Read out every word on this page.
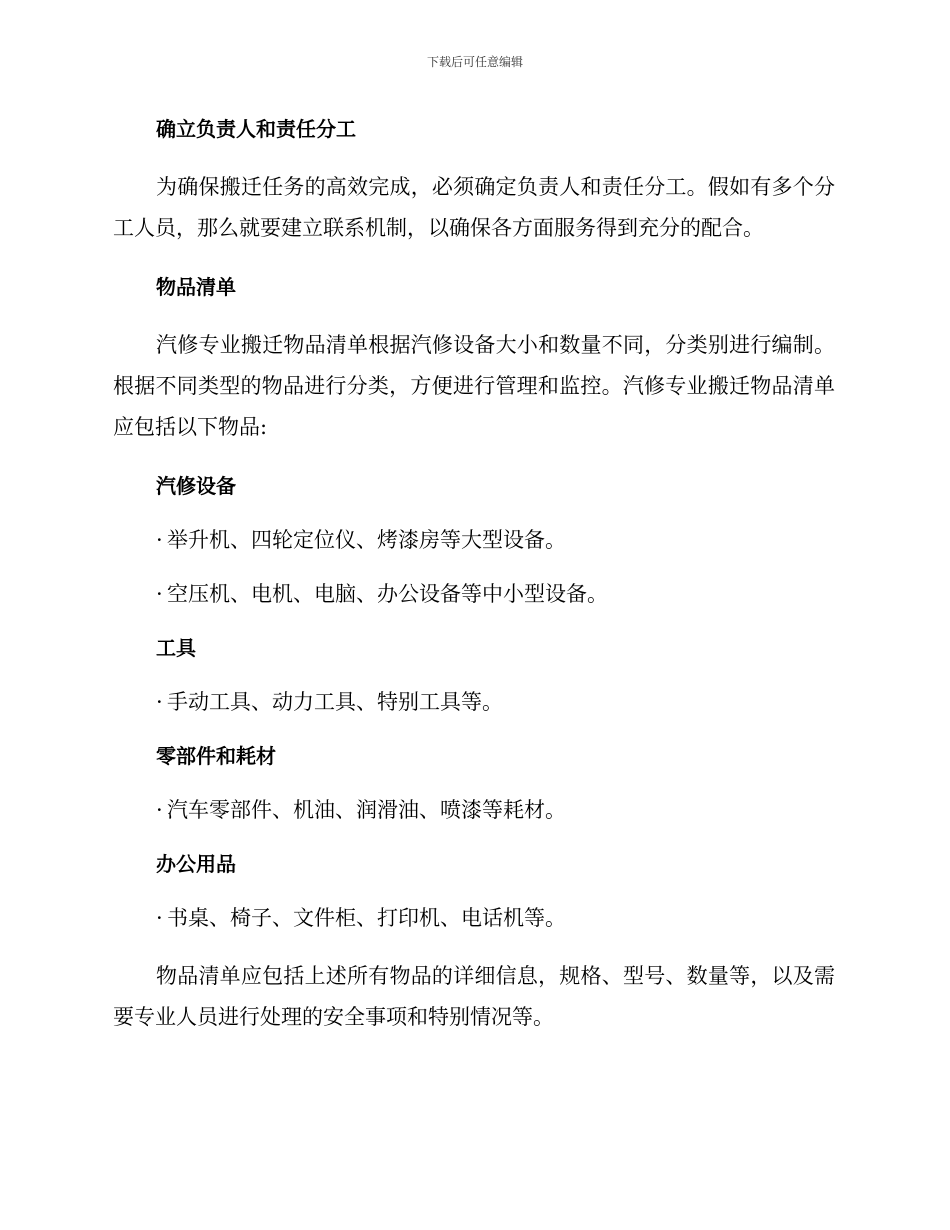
下载后可任意编辑
确立负责人和责任分工
为确保搬迁任务的高效完成，必须确定负责人和责任分工。假如有多个分工人员，那么就要建立联系机制，以确保各方面服务得到充分的配合。
物品清单
汽修专业搬迁物品清单根据汽修设备大小和数量不同，分类别进行编制。根据不同类型的物品进行分类，方便进行管理和监控。汽修专业搬迁物品清单应包括以下物品:
汽修设备
· 举升机、四轮定位仪、烤漆房等大型设备。
· 空压机、电机、电脑、办公设备等中小型设备。
工具
· 手动工具、动力工具、特别工具等。
零部件和耗材
· 汽车零部件、机油、润滑油、喷漆等耗材。
办公用品
· 书桌、椅子、文件柜、打印机、电话机等。
物品清单应包括上述所有物品的详细信息，规格、型号、数量等，以及需要专业人员进行处理的安全事项和特别情况等。
